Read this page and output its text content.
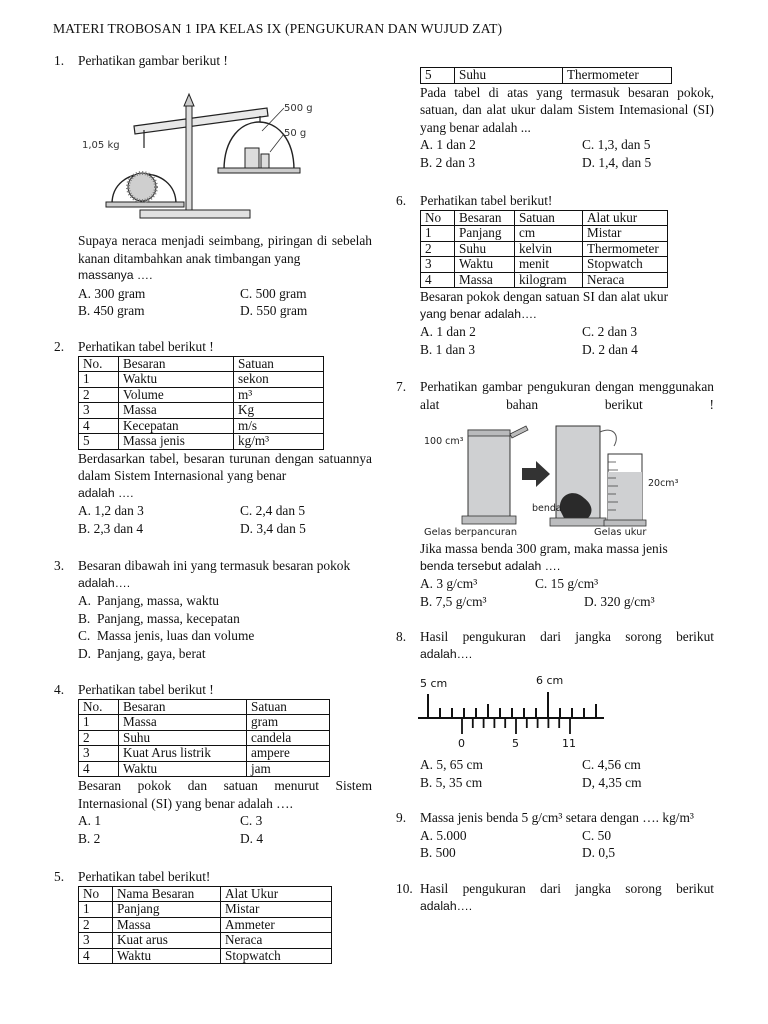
MATERI TROBOSAN 1 IPA KELAS IX (PENGUKURAN DAN WUJUD ZAT)
1.	Perhatikan gambar berikut !
500 g
50 g
1,05 kg
Supaya neraca menjadi seimbang, piringan di sebelah kanan ditambahkan anak timbangan yang
massanya ….
A. 300 gram	C. 500 gram
B. 450 gram	D. 550 gram
2.	Perhatikan tabel berikut !
No.	Besaran	Satuan
1	Waktu	sekon
2	Volume	m³
3	Massa	Kg
4	Kecepatan	m/s
5	Massa jenis	kg/m³
Berdasarkan tabel, besaran turunan dengan satuannya dalam Sistem Internasional yang benar
adalah ….
A. 1,2 dan 3	C. 2,4 dan 5
B. 2,3 dan 4	D. 3,4 dan 5
3.	Besaran dibawah ini yang termasuk besaran pokok
adalah….
A. Panjang, massa, waktu
B. Panjang, massa, kecepatan
C. Massa jenis, luas dan volume
D. Panjang, gaya, berat
4.	Perhatikan tabel berikut !
No.	Besaran	Satuan
1	Massa	gram
2	Suhu	candela
3	Kuat Arus listrik	ampere
4	Waktu	jam
Besaran pokok dan satuan menurut Sistem Internasional (SI) yang benar adalah ….
A. 1	C. 3
B. 2	D. 4
5.	Perhatikan tabel berikut!
No	Nama Besaran	Alat Ukur
1	Panjang	Mistar
2	Massa	Ammeter
3	Kuat arus	Neraca
4	Waktu	Stopwatch
5	Suhu	Thermometer
Pada tabel di atas yang termasuk besaran pokok, satuan, dan alat ukur dalam Sistem Intemasional (SI) yang benar adalah ...
A. 1 dan 2	C. 1,3, dan 5
B. 2 dan 3	D. 1,4, dan 5
6.	Perhatikan tabel berikut!
No	Besaran	Satuan	Alat ukur
1	Panjang	cm	Mistar
2	Suhu	kelvin	Thermometer
3	Waktu	menit	Stopwatch
4	Massa	kilogram	Neraca
Besaran pokok dengan satuan SI dan alat ukur
yang benar adalah….
A. 1 dan 2	C. 2 dan 3
B. 1 dan 3	D. 2 dan 4
7.	Perhatikan gambar pengukuran dengan menggunakan alat bahan berikut !
100 cm³
benda
20cm³
Gelas berpancuran	Gelas ukur
Jika massa benda 300 gram, maka massa jenis
benda tersebut adalah ….
A. 3 g/cm³	C. 15 g/cm³
B. 7,5 g/cm³	D. 320 g/cm³
8.	Hasil pengukuran dari jangka sorong berikut
adalah….
5 cm	6 cm
0	5	11
A. 5, 65 cm	C. 4,56 cm
B. 5, 35 cm	D, 4,35 cm
9.	Massa jenis benda 5 g/cm³ setara dengan …. kg/m³
A. 5.000	C. 50
B. 500	D. 0,5
10. Hasil pengukuran dari jangka sorong berikut
adalah….
